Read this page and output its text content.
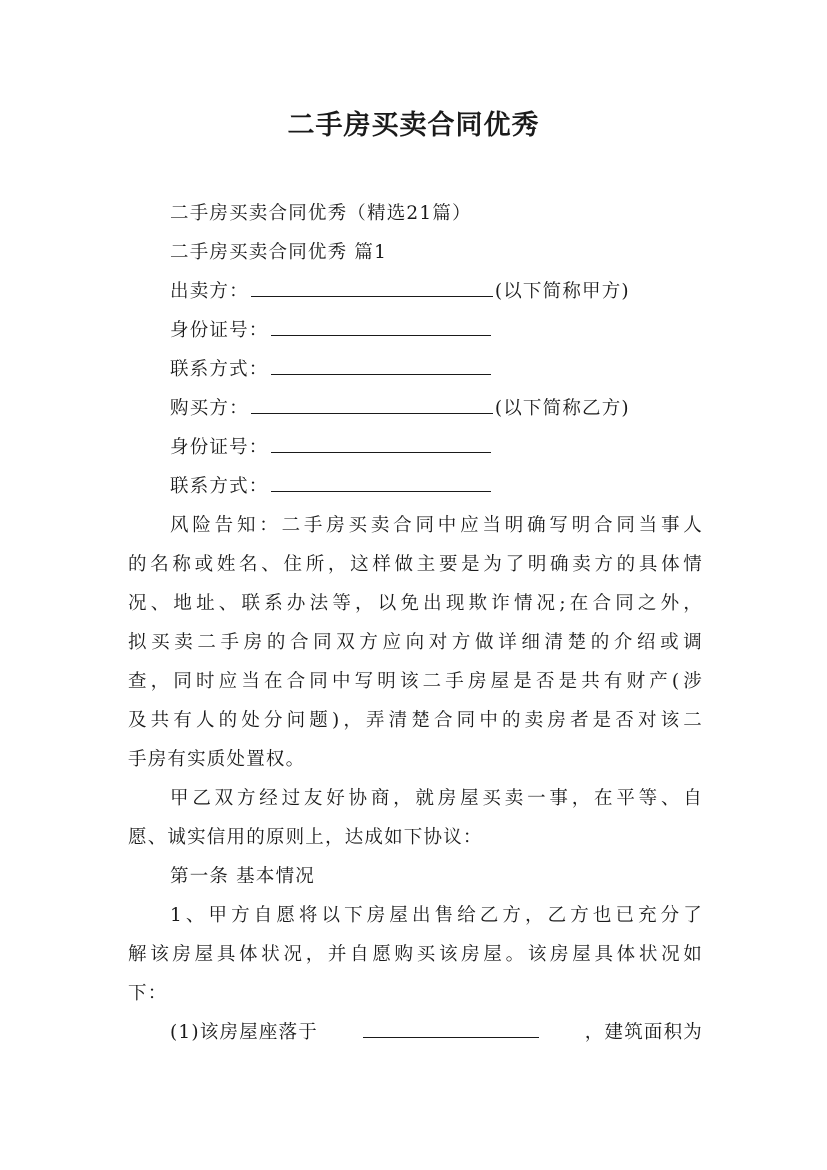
二手房买卖合同优秀
二手房买卖合同优秀（精选21篇）
二手房买卖合同优秀 篇1
出卖方：	(以下简称甲方)
身份证号：
联系方式：
购买方：	(以下简称乙方)
身份证号：
联系方式：
风险告知：二手房买卖合同中应当明确写明合同当事人
的名称或姓名、住所，这样做主要是为了明确卖方的具体情
况、地址、联系办法等，以免出现欺诈情况;在合同之外，
拟买卖二手房的合同双方应向对方做详细清楚的介绍或调
查，同时应当在合同中写明该二手房屋是否是共有财产(涉
及共有人的处分问题)，弄清楚合同中的卖房者是否对该二
手房有实质处置权。
甲乙双方经过友好协商，就房屋买卖一事，在平等、自
愿、诚实信用的原则上，达成如下协议：
第一条 基本情况
1、甲方自愿将以下房屋出售给乙方，乙方也已充分了
解该房屋具体状况，并自愿购买该房屋。该房屋具体状况如
下：
(1)该房屋座落于	，建筑面积为
